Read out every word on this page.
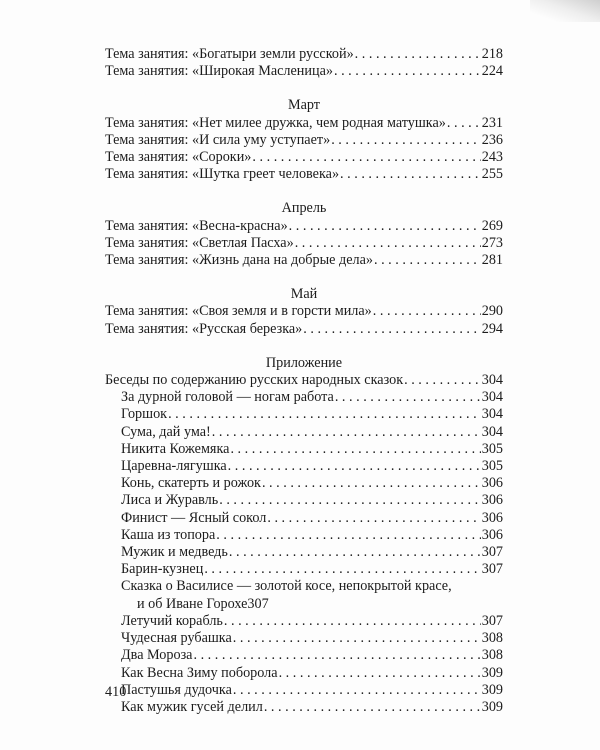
Тема занятия: «Богатыри земли русской» . . .	218
Тема занятия: «Широкая Масленица» . . .	224
Март
Тема занятия: «Нет милее дружка, чем родная матушка» . . .	231
Тема занятия: «И сила уму уступает» . . .	236
Тема занятия: «Сороки» . . .	243
Тема занятия: «Шутка греет человека» . . .	255
Апрель
Тема занятия: «Весна-красна» . . .	269
Тема занятия: «Светлая Пасха» . . .	273
Тема занятия: «Жизнь дана на добрые дела» . . .	281
Май
Тема занятия: «Своя земля и в горсти мила» . . .	290
Тема занятия: «Русская березка» . . .	294
Приложение
Беседы по содержанию русских народных сказок . . .	304
За дурной головой — ногам работа . . .	304
Горшок . . .	304
Сума, дай ума! . . .	304
Никита Кожемяка . . .	305
Царевна-лягушка . . .	305
Конь, скатерть и рожок . . .	306
Лиса и Журавль . . .	306
Финист — Ясный сокол . . .	306
Каша из топора . . .	306
Мужик и медведь . . .	307
Барин-кузнец . . .	307
Сказка о Василисе — золотой косе, непокрытой красе,
и об Иване Горохе 307
Летучий корабль . . .	307
Чудесная рубашка . . .	308
Два Мороза . . .	308
Как Весна Зиму поборола . . .	309
Пастушья дудочка . . .	309
Как мужик гусей делил . . .	309
410
